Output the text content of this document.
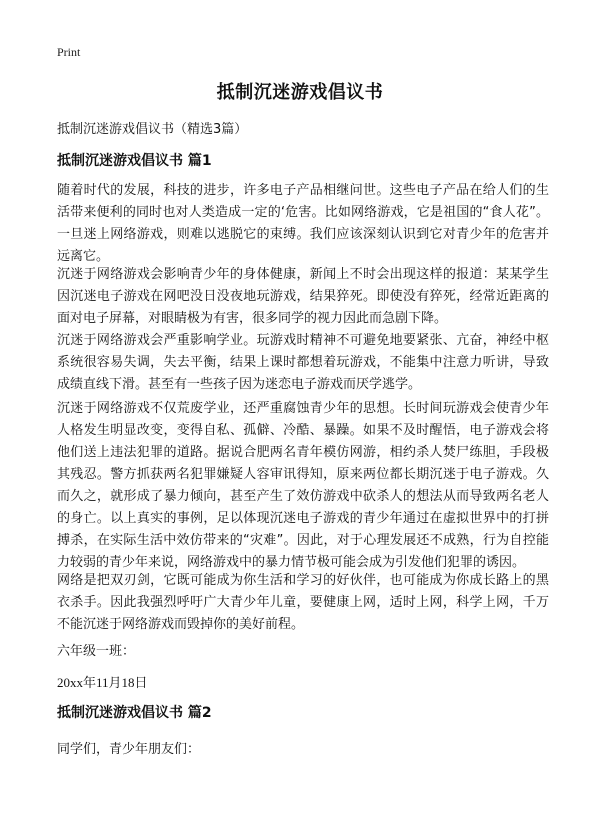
Print
抵制沉迷游戏倡议书
抵制沉迷游戏倡议书（精选3篇）
抵制沉迷游戏倡议书 篇1

随着时代的发展，科技的进步，许多电子产品相继问世。这些电子产品在给人们的生活带来便利的同时也对人类造成一定的‘危害。比如网络游戏，它是祖国的“食人花”。一旦迷上网络游戏，则难以逃脱它的束缚。我们应该深刻认识到它对青少年的危害并远离它。

沉迷于网络游戏会影响青少年的身体健康，新闻上不时会出现这样的报道：某某学生因沉迷电子游戏在网吧没日没夜地玩游戏，结果猝死。即使没有猝死，经常近距离的面对电子屏幕，对眼睛极为有害，很多同学的视力因此而急剧下降。

沉迷于网络游戏会严重影响学业。玩游戏时精神不可避免地要紧张、亢奋，神经中枢系统很容易失调，失去平衡，结果上课时都想着玩游戏，不能集中注意力听讲，导致成绩直线下滑。甚至有一些孩子因为迷恋电子游戏而厌学逃学。

沉迷于网络游戏不仅荒废学业，还严重腐蚀青少年的思想。长时间玩游戏会使青少年人格发生明显改变，变得自私、孤僻、冷酷、暴躁。如果不及时醒悟，电子游戏会将他们送上违法犯罪的道路。据说合肥两名青年模仿网游，相约杀人焚尸练胆，手段极其残忍。警方抓获两名犯罪嫌疑人容审讯得知，原来两位都长期沉迷于电子游戏。久而久之，就形成了暴力倾向，甚至产生了效仿游戏中砍杀人的想法从而导致两名老人的身亡。以上真实的事例，足以体现沉迷电子游戏的青少年通过在虚拟世界中的打拼搏杀，在实际生活中效仿带来的“灾难”。因此，对于心理发展还不成熟，行为自控能力较弱的青少年来说，网络游戏中的暴力情节极可能会成为引发他们犯罪的诱因。

网络是把双刃剑，它既可能成为你生活和学习的好伙伴，也可能成为你成长路上的黑衣杀手。因此我强烈呼吁广大青少年儿童，要健康上网，适时上网，科学上网，千万不能沉迷于网络游戏而毁掉你的美好前程。

六年级一班：
20xx年11月18日
抵制沉迷游戏倡议书 篇2
同学们，青少年朋友们：
